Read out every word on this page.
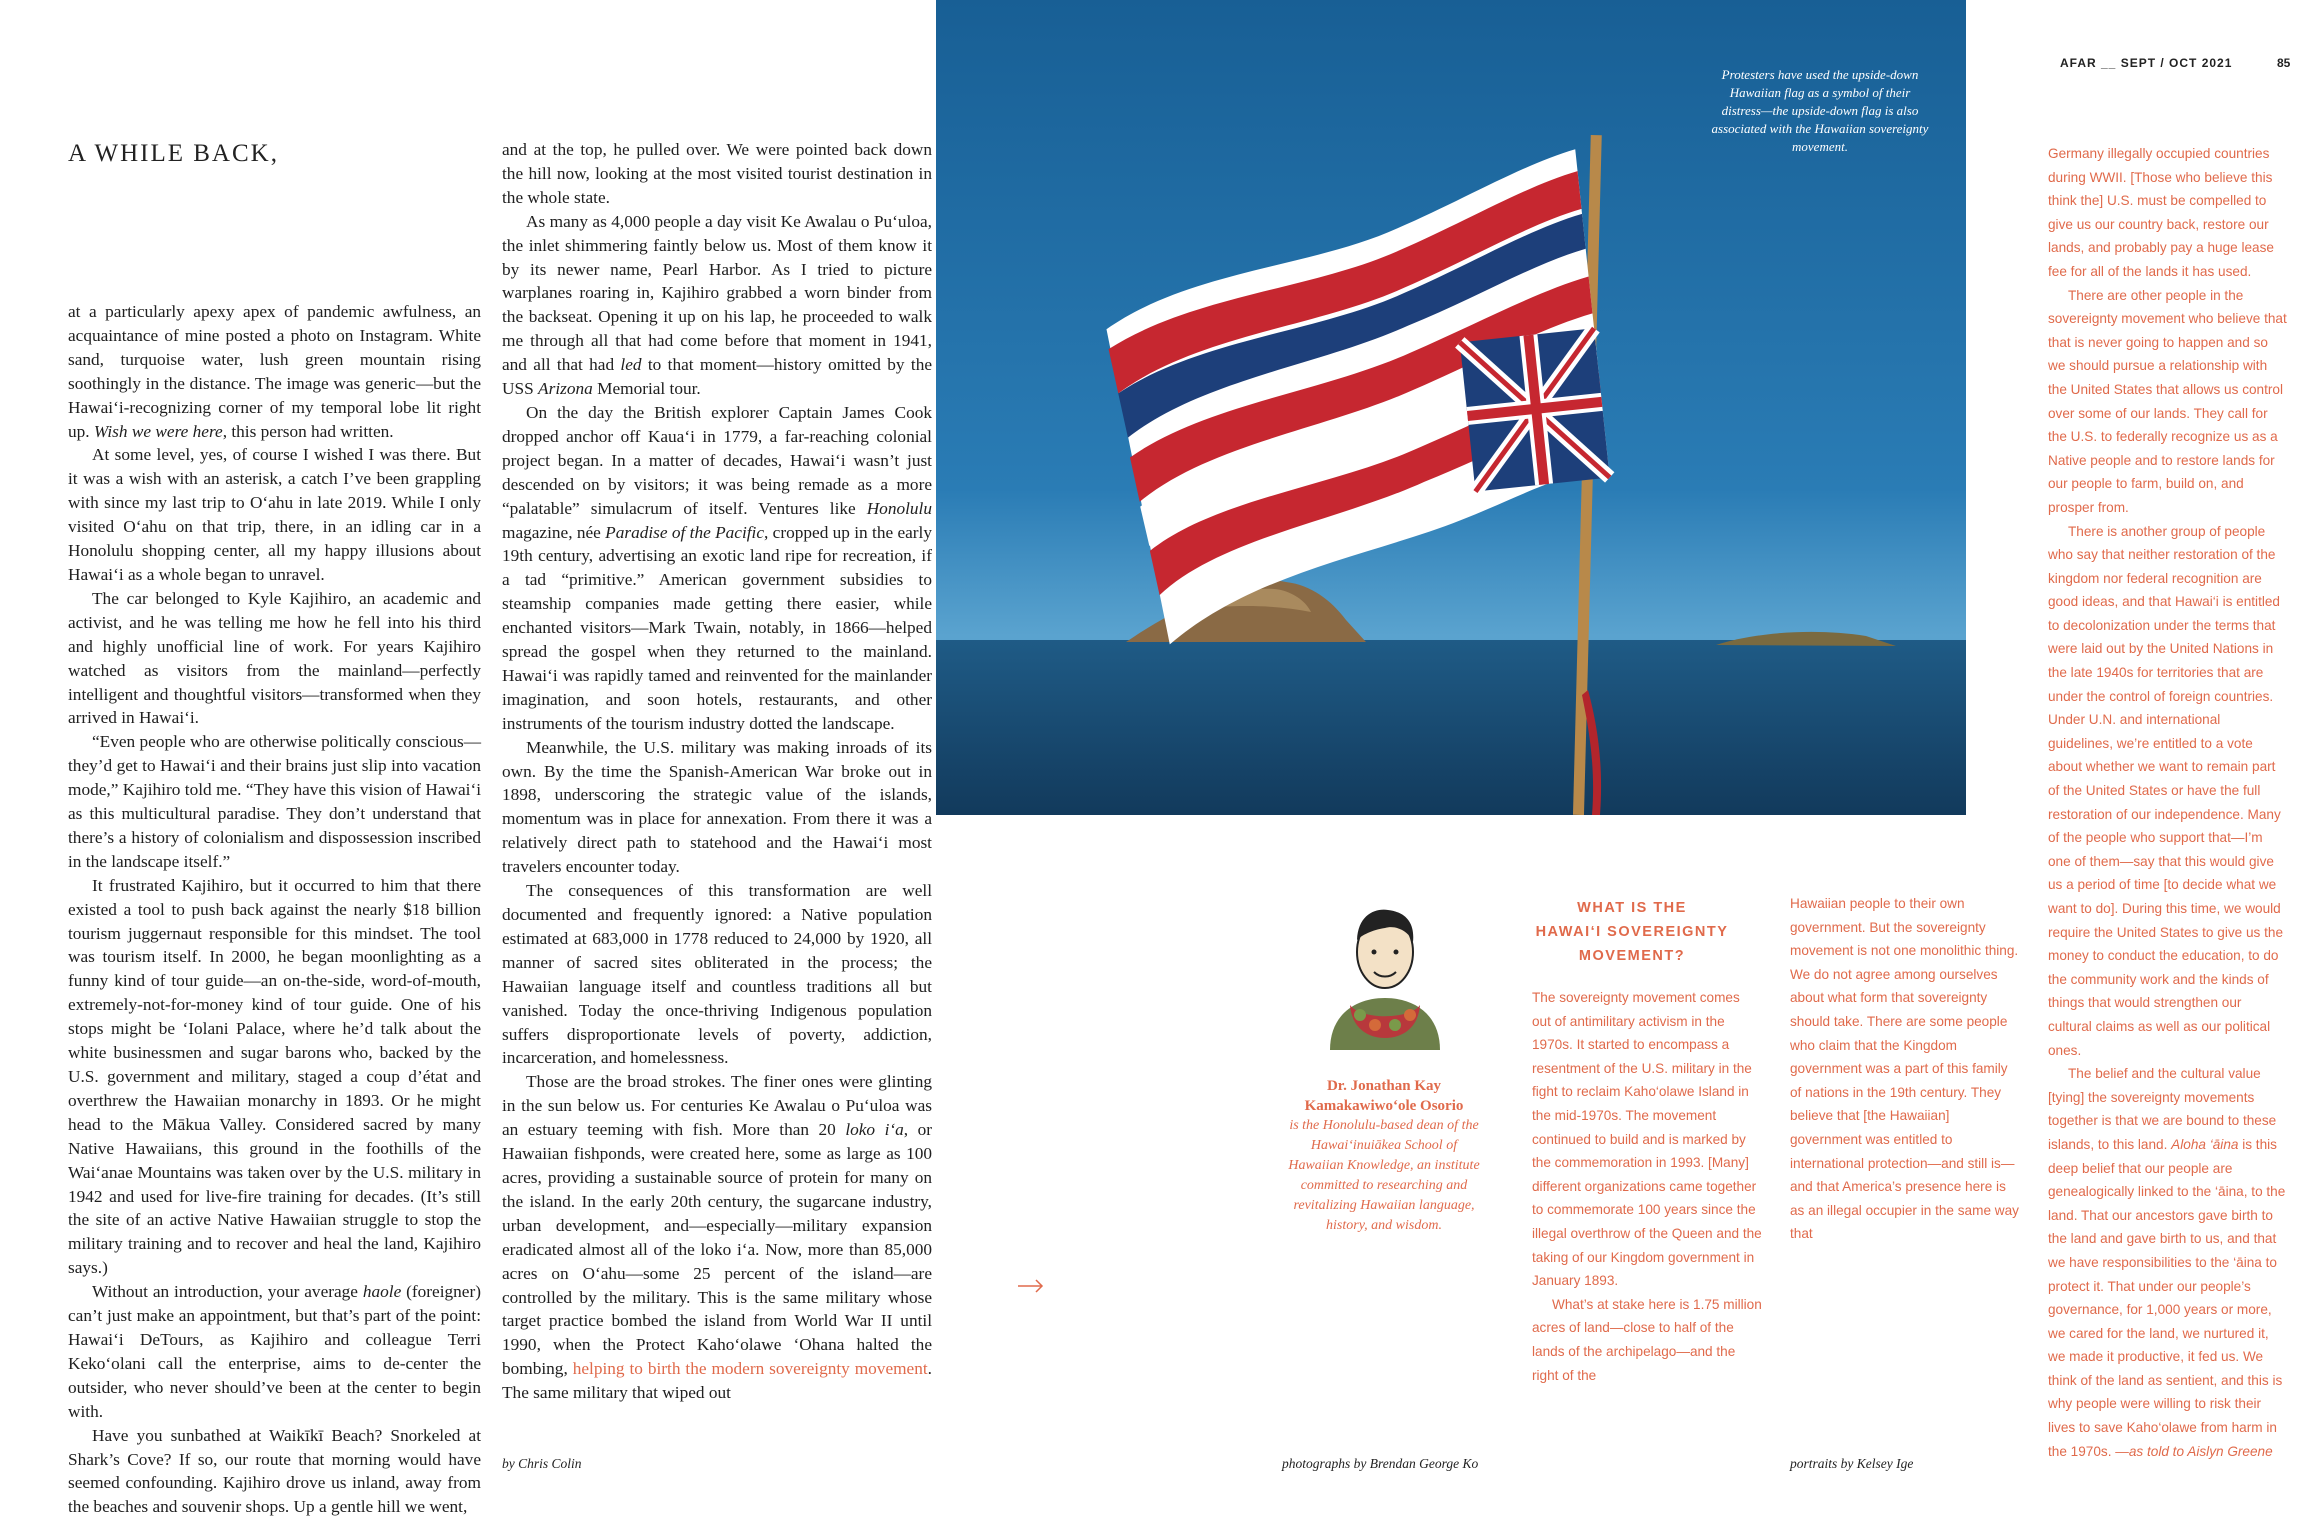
A WHILE BACK,

at a particularly apexy apex of pandemic awfulness, an acquaintance of mine posted a photo on Instagram. White sand, turquoise water, lush green mountain rising soothingly in the distance. The image was generic—but the Hawai‘i-recognizing corner of my temporal lobe lit right up. Wish we were here, this person had written.

At some level, yes, of course I wished I was there. But it was a wish with an asterisk, a catch I’ve been grappling with since my last trip to O‘ahu in late 2019. While I only visited O‘ahu on that trip, there, in an idling car in a Honolulu shopping center, all my happy illusions about Hawai‘i as a whole began to unravel.

The car belonged to Kyle Kajihiro, an academic and activist, and he was telling me how he fell into his third and highly unofficial line of work. For years Kajihiro watched as visitors from the mainland—perfectly intelligent and thoughtful visitors—transformed when they arrived in Hawai‘i.

“Even people who are otherwise politically conscious—they’d get to Hawai‘i and their brains just slip into vacation mode,” Kajihiro told me. “They have this vision of Hawai‘i as this multicultural paradise. They don’t understand that there’s a history of colonialism and dispossession inscribed in the landscape itself.”

It frustrated Kajihiro, but it occurred to him that there existed a tool to push back against the nearly $18 billion tourism juggernaut responsible for this mindset. The tool was tourism itself. In 2000, he began moonlighting as a funny kind of tour guide—an on-the-side, word-of-mouth, extremely-not-for-money kind of tour guide. One of his stops might be ‘Iolani Palace, where he’d talk about the white businessmen and sugar barons who, backed by the U.S. government and military, staged a coup d’état and overthrew the Hawaiian monarchy in 1893. Or he might head to the Mākua Valley. Considered sacred by many Native Hawaiians, this ground in the foothills of the Wai‘anae Mountains was taken over by the U.S. military in 1942 and used for live-fire training for decades. (It’s still the site of an active Native Hawaiian struggle to stop the military training and to recover and heal the land, Kajihiro says.)

Without an introduction, your average haole (foreigner) can’t just make an appointment, but that’s part of the point: Hawai‘i DeTours, as Kajihiro and colleague Terri Keko‘olani call the enterprise, aims to de-center the outsider, who never should’ve been at the center to begin with.

Have you sunbathed at Waikīkī Beach? Snorkeled at Shark’s Cove? If so, our route that morning would have seemed confounding. Kajihiro drove us inland, away from the beaches and souvenir shops. Up a gentle hill we went,

and at the top, he pulled over. We were pointed back down the hill now, looking at the most visited tourist destination in the whole state.

As many as 4,000 people a day visit Ke Awalau o Pu‘uloa, the inlet shimmering faintly below us. Most of them know it by its newer name, Pearl Harbor. As I tried to picture warplanes roaring in, Kajihiro grabbed a worn binder from the backseat. Opening it up on his lap, he proceeded to walk me through all that had come before that moment in 1941, and all that had led to that moment—history omitted by the USS Arizona Memorial tour.

On the day the British explorer Captain James Cook dropped anchor off Kaua‘i in 1779, a far-reaching colonial project began. In a matter of decades, Hawai‘i wasn’t just descended on by visitors; it was being remade as a more “palatable” simulacrum of itself. Ventures like Honolulu magazine, née Paradise of the Pacific, cropped up in the early 19th century, advertising an exotic land ripe for recreation, if a tad “primitive.” American government subsidies to steamship companies made getting there easier, while enchanted visitors—Mark Twain, notably, in 1866—helped spread the gospel when they returned to the mainland. Hawai‘i was rapidly tamed and reinvented for the mainlander imagination, and soon hotels, restaurants, and other instruments of the tourism industry dotted the landscape.

Meanwhile, the U.S. military was making inroads of its own. By the time the Spanish-American War broke out in 1898, underscoring the strategic value of the islands, momentum was in place for annexation. From there it was a relatively direct path to statehood and the Hawai‘i most travelers encounter today.

The consequences of this transformation are well documented and frequently ignored: a Native population estimated at 683,000 in 1778 reduced to 24,000 by 1920, all manner of sacred sites obliterated in the process; the Hawaiian language itself and countless traditions all but vanished. Today the once-thriving Indigenous population suffers disproportionate levels of poverty, addiction, incarceration, and homelessness.

Those are the broad strokes. The finer ones were glinting in the sun below us. For centuries Ke Awalau o Pu‘uloa was an estuary teeming with fish. More than 20 loko i‘a, or Hawaiian fishponds, were created here, some as large as 100 acres, providing a sustainable source of protein for many on the island. In the early 20th century, the sugarcane industry, urban development, and—especially—military expansion eradicated almost all of the loko i‘a. Now, more than 85,000 acres on O‘ahu—some 25 percent of the island—are controlled by the military. This is the same military whose target practice bombed the island from World War II until 1990, when the Protect Kaho‘olawe ‘Ohana halted the bombing, helping to birth the modern sovereignty movement. The same military that wiped out

Protesters have used the upside-down Hawaiian flag as a symbol of their distress—the upside-down flag is also associated with the Hawaiian sovereignty movement.
AFAR __ SEPT / OCT 2021	85
Dr. Jonathan Kay Kamakawiwo‘ole Osorio
is the Honolulu-based dean of the Hawai‘inuiākea School of Hawaiian Knowledge, an institute committed to researching and revitalizing Hawaiian language, history, and wisdom.
WHAT IS THE
HAWAI‘I SOVEREIGNTY
MOVEMENT?

The sovereignty movement comes out of antimilitary activism in the 1970s. It started to encompass a resentment of the U.S. military in the fight to reclaim Kaho‘olawe Island in the mid-1970s. The movement continued to build and is marked by the commemoration in 1993. [Many] different organizations came together to commemorate 100 years since the illegal overthrow of the Queen and the taking of our Kingdom government in January 1893.

What’s at stake here is 1.75 million acres of land—close to half of the lands of the archipelago—and the right of the

Hawaiian people to their own government. But the sovereignty movement is not one monolithic thing. We do not agree among ourselves about what form that sovereignty should take. There are some people who claim that the Kingdom government was a part of this family of nations in the 19th century. They believe that [the Hawaiian] government was entitled to international protection—and still is—and that America’s presence here is as an illegal occupier in the same way that

Germany illegally occupied countries during WWII. [Those who believe this think the] U.S. must be compelled to give us our country back, restore our lands, and probably pay a huge lease fee for all of the lands it has used.

There are other people in the sovereignty movement who believe that that is never going to happen and so we should pursue a relationship with the United States that allows us control over some of our lands. They call for the U.S. to federally recognize us as a Native people and to restore lands for our people to farm, build on, and prosper from.

There is another group of people who say that neither restoration of the kingdom nor federal recognition are good ideas, and that Hawai‘i is entitled to decolonization under the terms that were laid out by the United Nations in the late 1940s for territories that are under the control of foreign countries. Under U.N. and international guidelines, we’re entitled to a vote about whether we want to remain part of the United States or have the full restoration of our independence. Many of the people who support that—I’m one of them—say that this would give us a period of time [to decide what we want to do]. During this time, we would require the United States to give us the money to conduct the education, to do the community work and the kinds of things that would strengthen our cultural claims as well as our political ones.

The belief and the cultural value [tying] the sovereignty movements together is that we are bound to these islands, to this land. Aloha ‘āina is this deep belief that our people are genealogically linked to the ‘āina, to the land. That our ancestors gave birth to the land and gave birth to us, and that we have responsibilities to the ‘āina to protect it. That under our people’s governance, for 1,000 years or more, we cared for the land, we nurtured it, we made it productive, it fed us. We think of the land as sentient, and this is why people were willing to risk their lives to save Kaho‘olawe from harm in the 1970s. —as told to Aislyn Greene

by Chris Colin	photographs by Brendan George Ko	portraits by Kelsey Ige
